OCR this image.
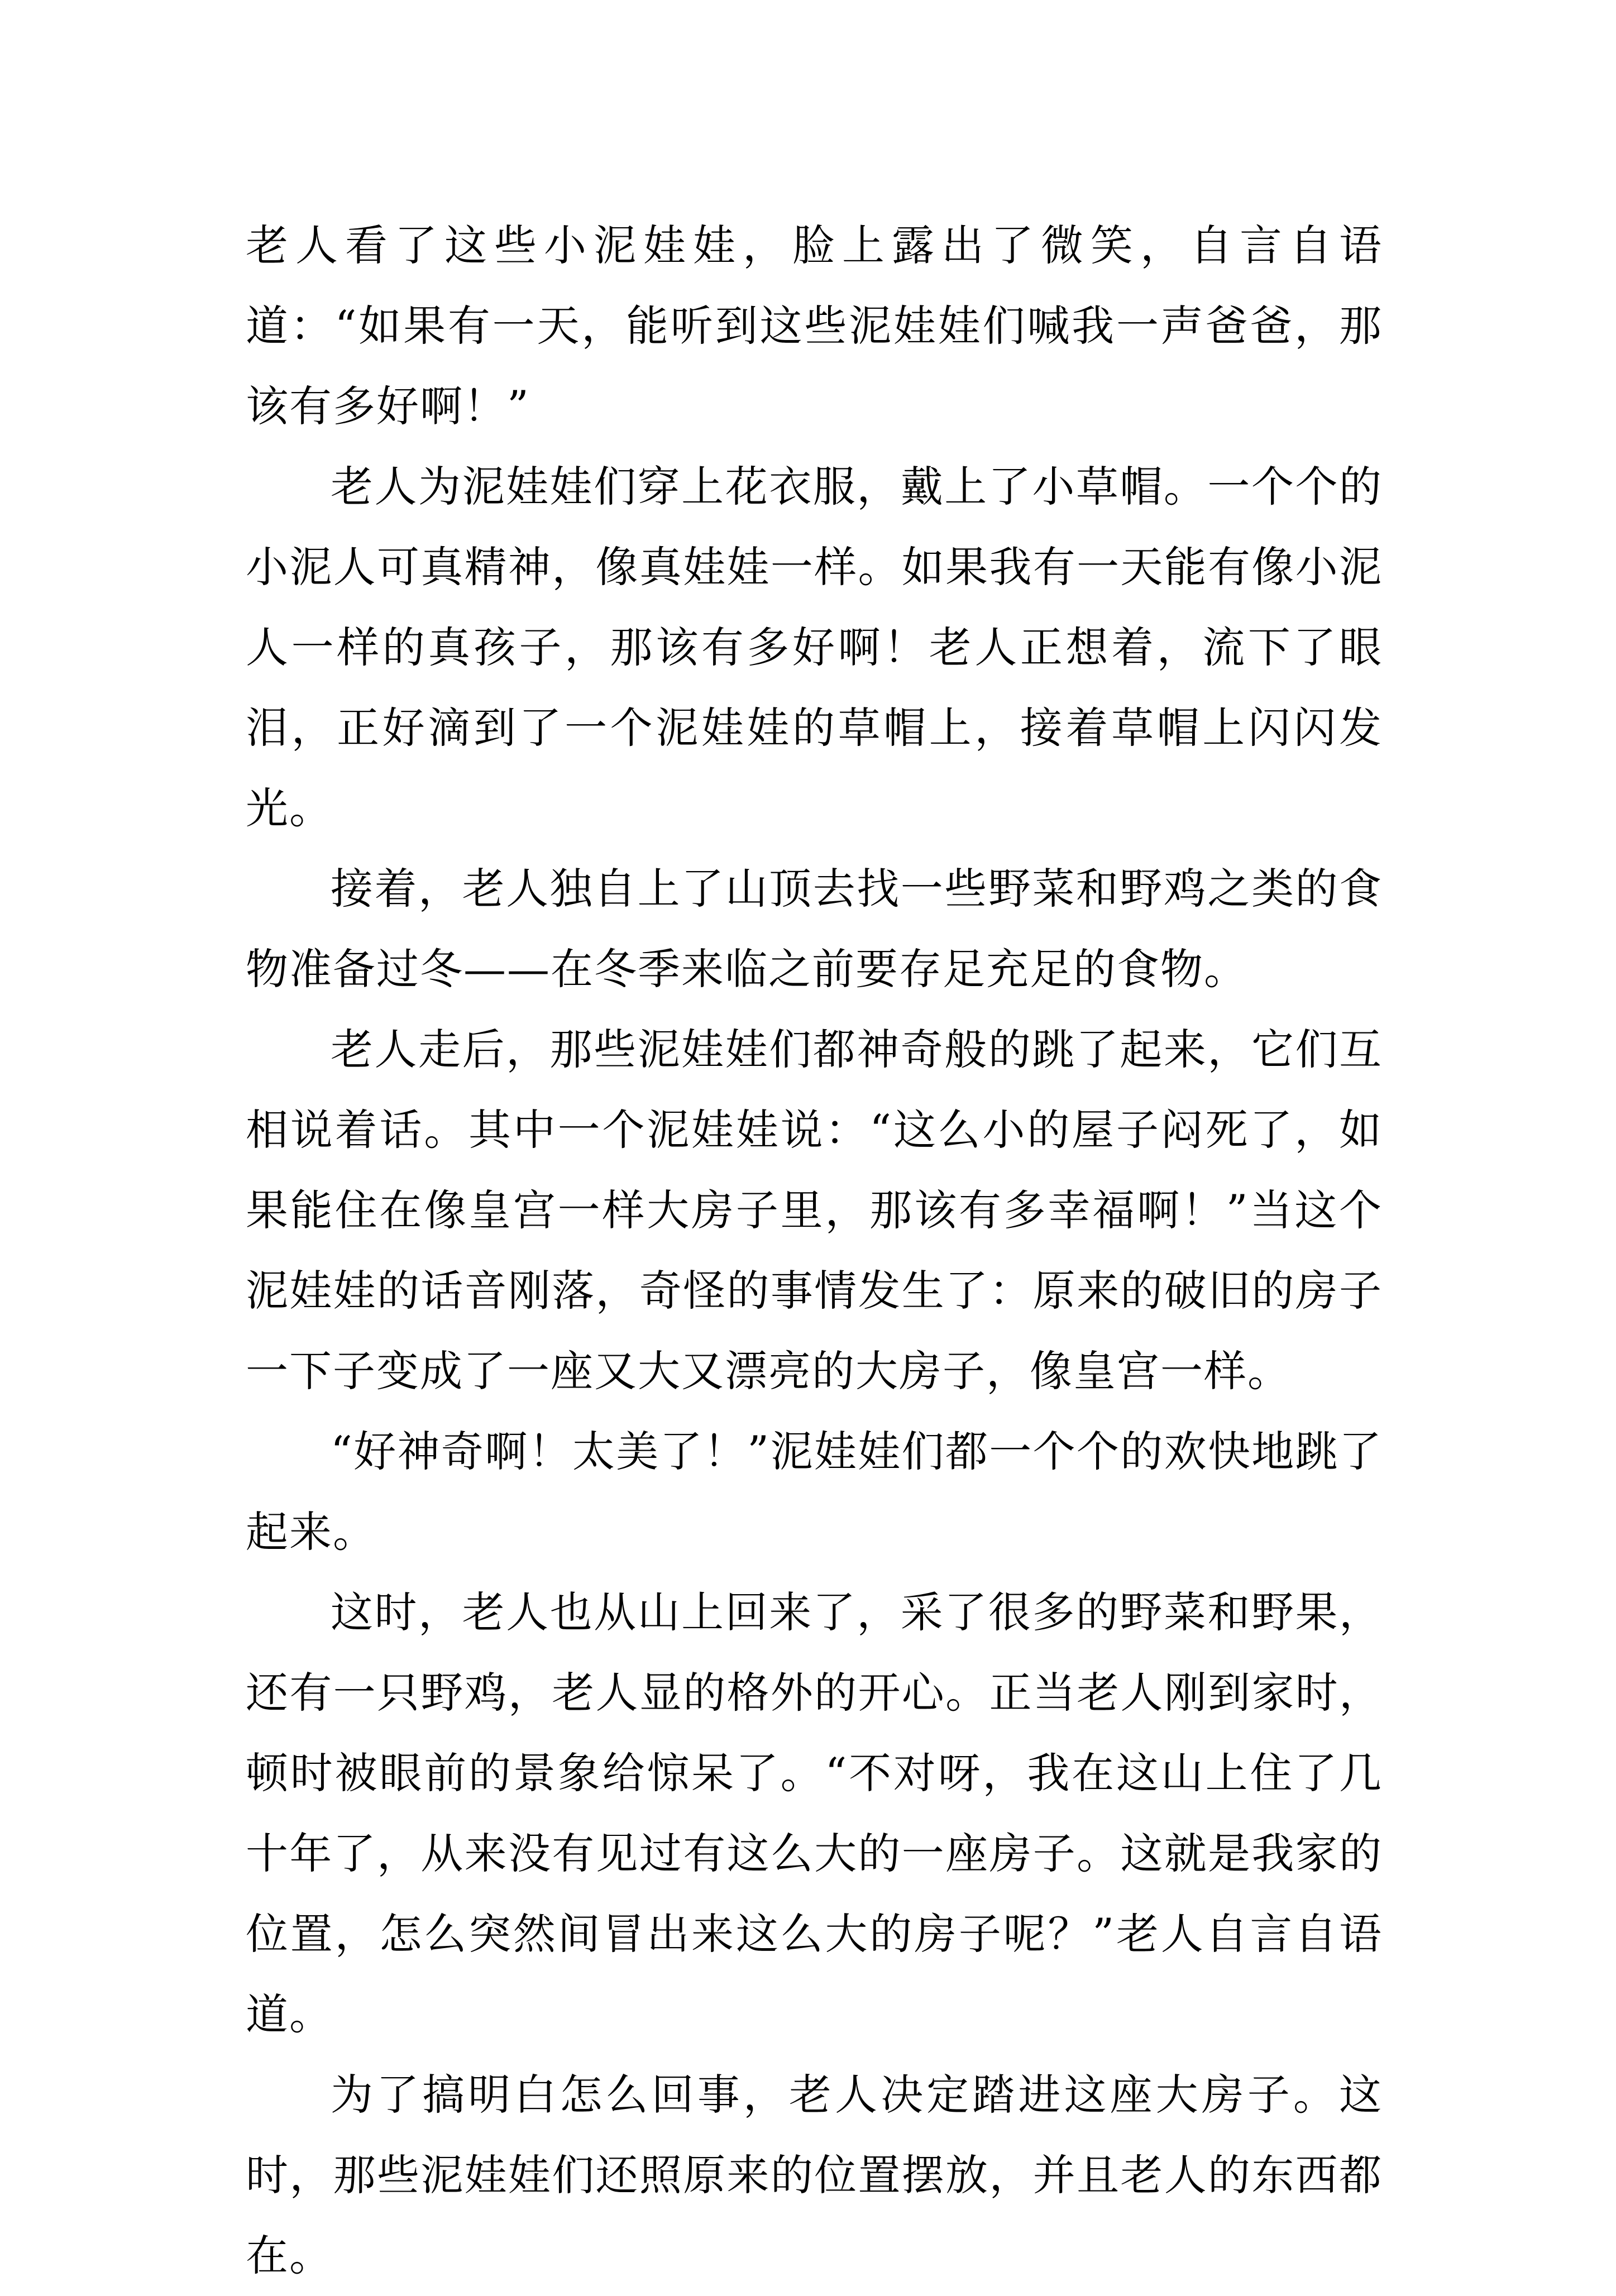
老人看了这些小泥娃娃，脸上露出了微笑，自言自语道：“如果有一天，能听到这些泥娃娃们喊我一声爸爸，那该有多好啊！”

老人为泥娃娃们穿上花衣服，戴上了小草帽。一个个的小泥人可真精神，像真娃娃一样。如果我有一天能有像小泥人一样的真孩子，那该有多好啊！老人正想着，流下了眼泪，正好滴到了一个泥娃娃的草帽上，接着草帽上闪闪发光。

接着，老人独自上了山顶去找一些野菜和野鸡之类的食物准备过冬——在冬季来临之前要存足充足的食物。

老人走后，那些泥娃娃们都神奇般的跳了起来，它们互相说着话。其中一个泥娃娃说：“这么小的屋子闷死了，如果能住在像皇宫一样大房子里，那该有多幸福啊！”当这个泥娃娃的话音刚落，奇怪的事情发生了：原来的破旧的房子一下子变成了一座又大又漂亮的大房子，像皇宫一样。

“好神奇啊！太美了！”泥娃娃们都一个个的欢快地跳了起来。

这时，老人也从山上回来了，采了很多的野菜和野果，还有一只野鸡，老人显的格外的开心。正当老人刚到家时，顿时被眼前的景象给惊呆了。“不对呀，我在这山上住了几十年了，从来没有见过有这么大的一座房子。这就是我家的位置，怎么突然间冒出来这么大的房子呢？”老人自言自语道。

为了搞明白怎么回事，老人决定踏进这座大房子。这时，那些泥娃娃们还照原来的位置摆放，并且老人的东西都在。
